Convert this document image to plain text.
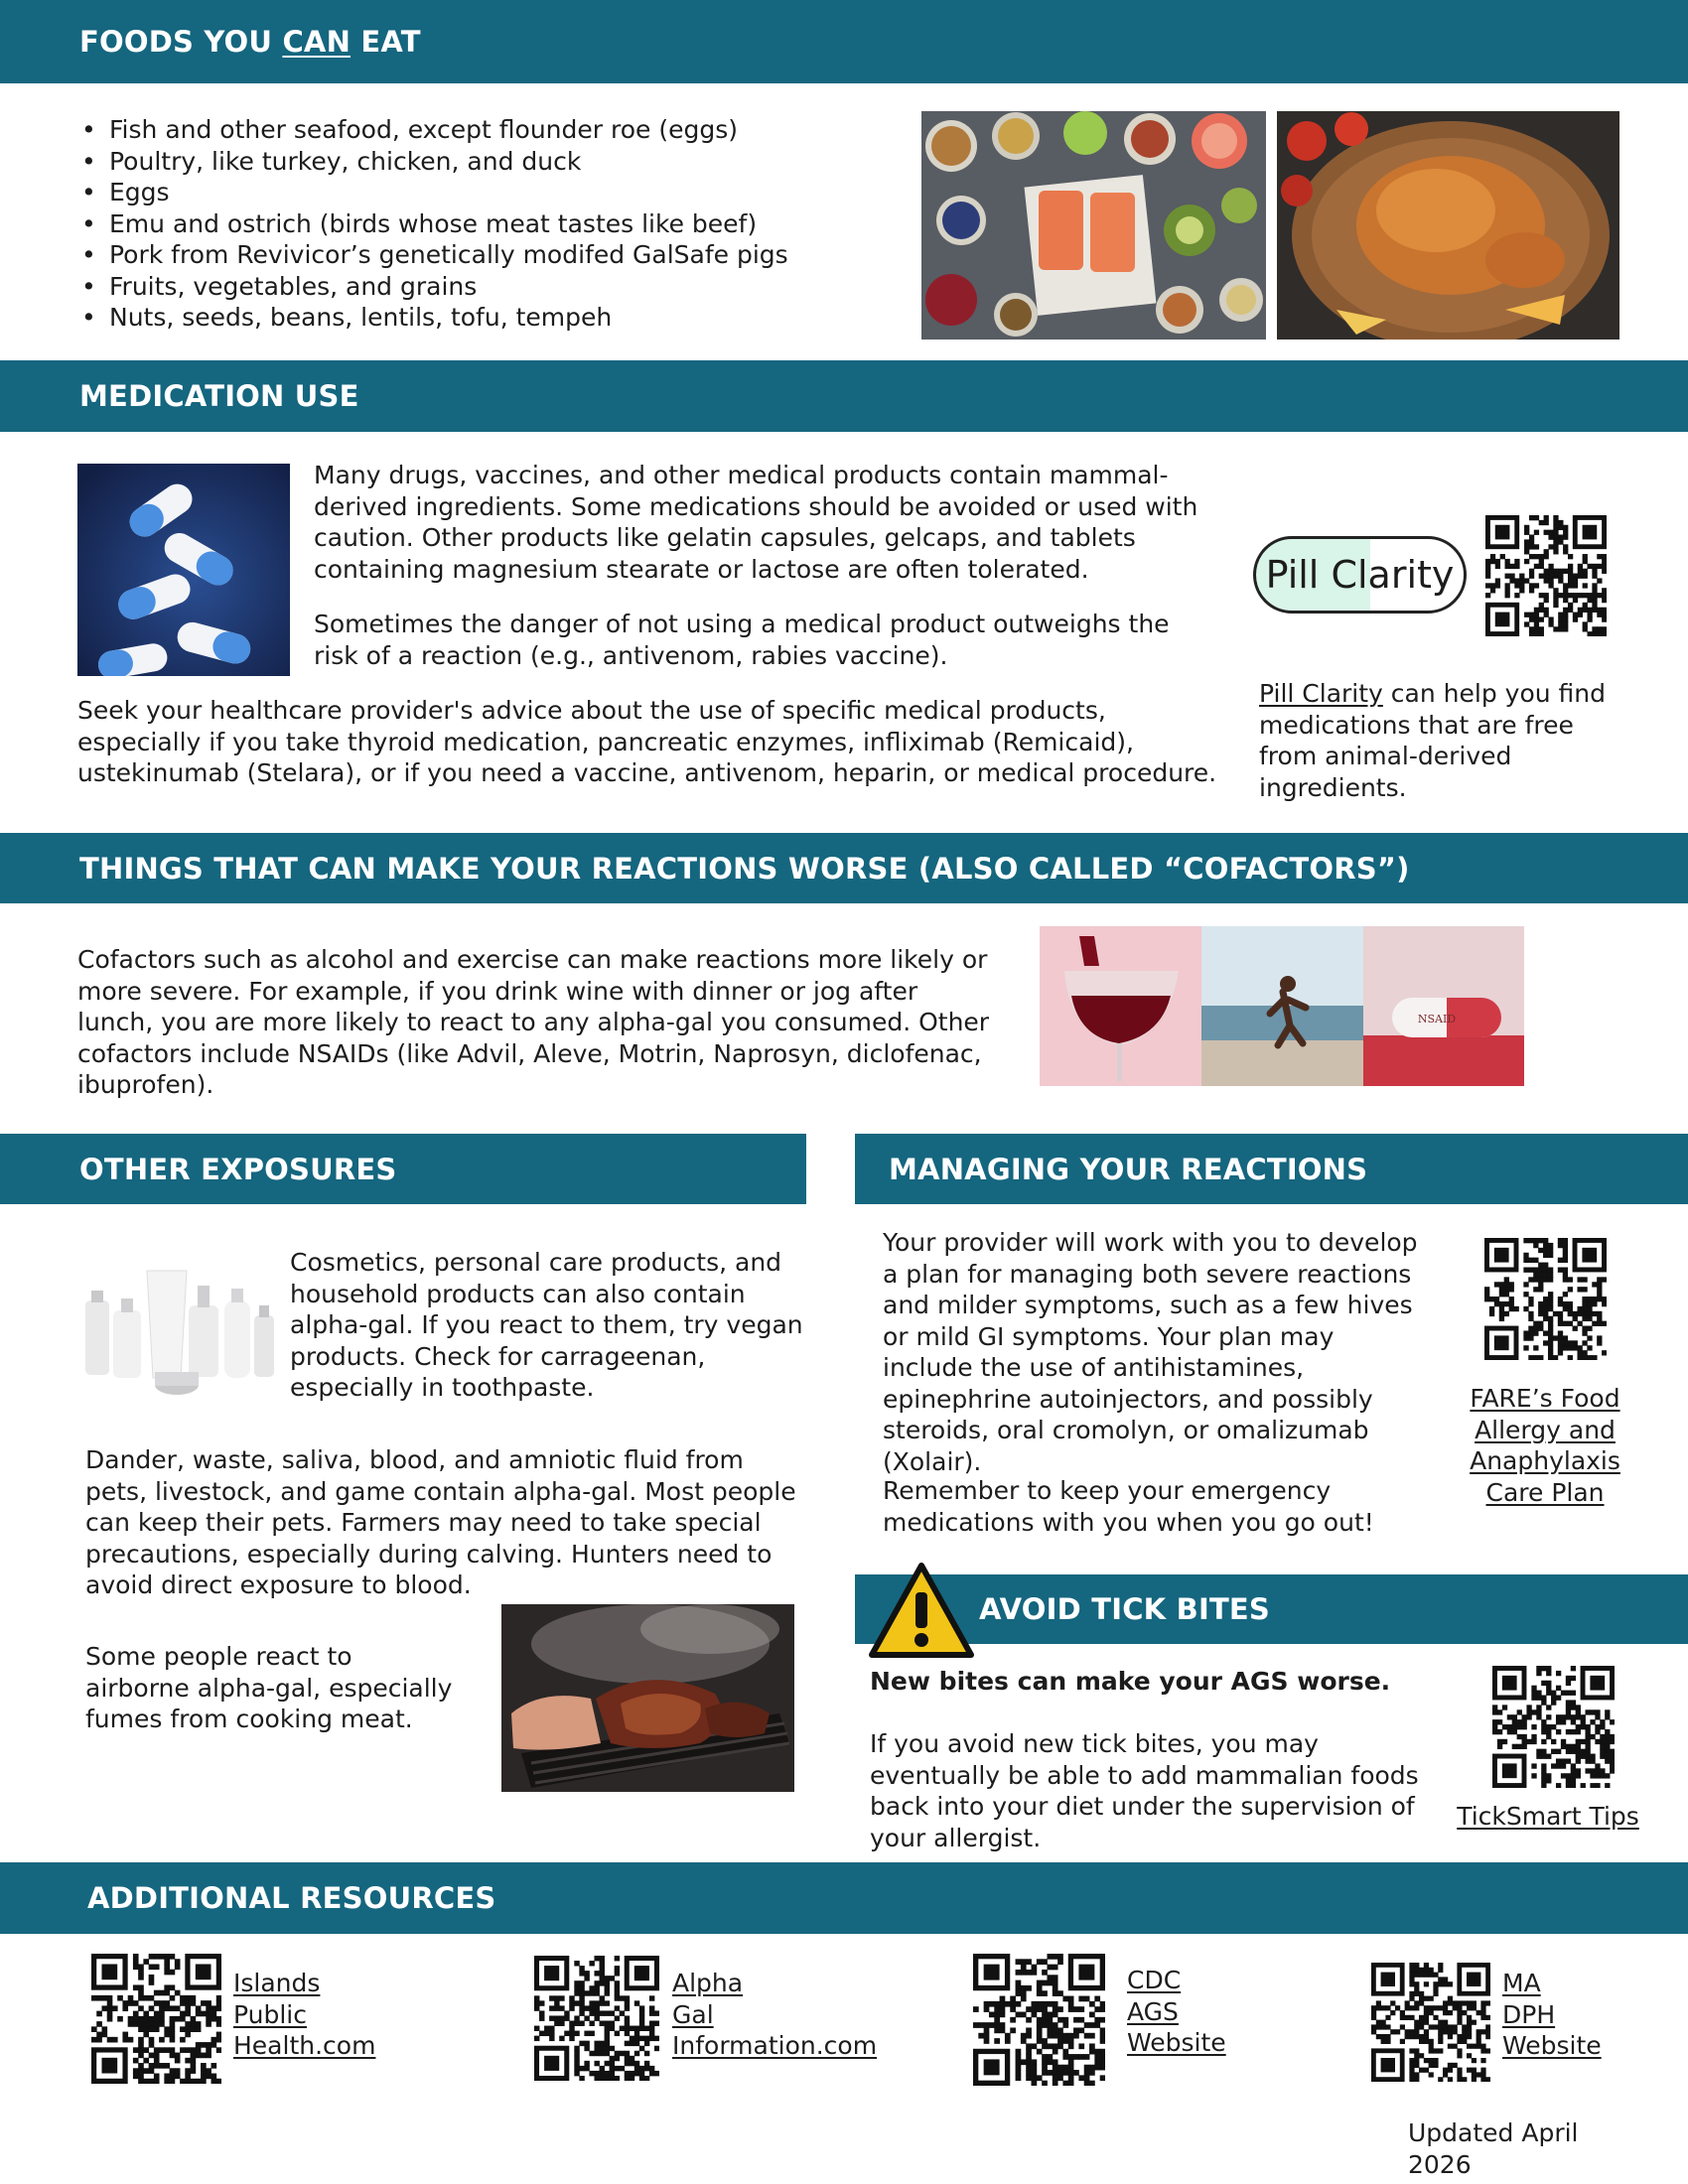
FOODS YOU CAN EAT
• Fish and other seafood, except flounder roe (eggs)
• Poultry, like turkey, chicken, and duck
• Eggs
• Emu and ostrich (birds whose meat tastes like beef)
• Pork from Revivicor’s genetically modifed GalSafe pigs
• Fruits, vegetables, and grains
• Nuts, seeds, beans, lentils, tofu, tempeh
MEDICATION USE
Many drugs, vaccines, and other medical products contain mammal-derived ingredients. Some medications should be avoided or used with caution. Other products like gelatin capsules, gelcaps, and tablets containing magnesium stearate or lactose are often tolerated.
Sometimes the danger of not using a medical product outweighs the risk of a reaction (e.g., antivenom, rabies vaccine).
Seek your healthcare provider's advice about the use of specific medical products, especially if you take thyroid medication, pancreatic enzymes, infliximab (Remicaid), ustekinumab (Stelara), or if you need a vaccine, antivenom, heparin, or medical procedure.
Pill Clarity
Pill Clarity can help you find medications that are free from animal-derived ingredients.
THINGS THAT CAN MAKE YOUR REACTIONS WORSE (ALSO CALLED “COFACTORS”)
Cofactors such as alcohol and exercise can make reactions more likely or more severe. For example, if you drink wine with dinner or jog after lunch, you are more likely to react to any alpha-gal you consumed. Other cofactors include NSAIDs (like Advil, Aleve, Motrin, Naprosyn, diclofenac, ibuprofen).
NSAID
OTHER EXPOSURES
Cosmetics, personal care products, and household products can also contain alpha-gal. If you react to them, try vegan products. Check for carrageenan, especially in toothpaste.
Dander, waste, saliva, blood, and amniotic fluid from pets, livestock, and game contain alpha-gal. Most people can keep their pets. Farmers may need to take special precautions, especially during calving. Hunters need to avoid direct exposure to blood.
Some people react to airborne alpha-gal, especially fumes from cooking meat.
MANAGING YOUR REACTIONS
Your provider will work with you to develop a plan for managing both severe reactions and milder symptoms, such as a few hives or mild GI symptoms. Your plan may include the use of antihistamines, epinephrine autoinjectors, and possibly steroids, oral cromolyn, or omalizumab (Xolair).
Remember to keep your emergency medications with you when you go out!
FARE’s Food Allergy and Anaphylaxis Care Plan
AVOID TICK BITES
New bites can make your AGS worse.
If you avoid new tick bites, you may eventually be able to add mammalian foods back into your diet under the supervision of your allergist.
TickSmart Tips
ADDITIONAL RESOURCES
Islands
Public
Health.com
Alpha
Gal
Information.com
CDC
AGS
Website
MA
DPH
Website
Updated April 2026
